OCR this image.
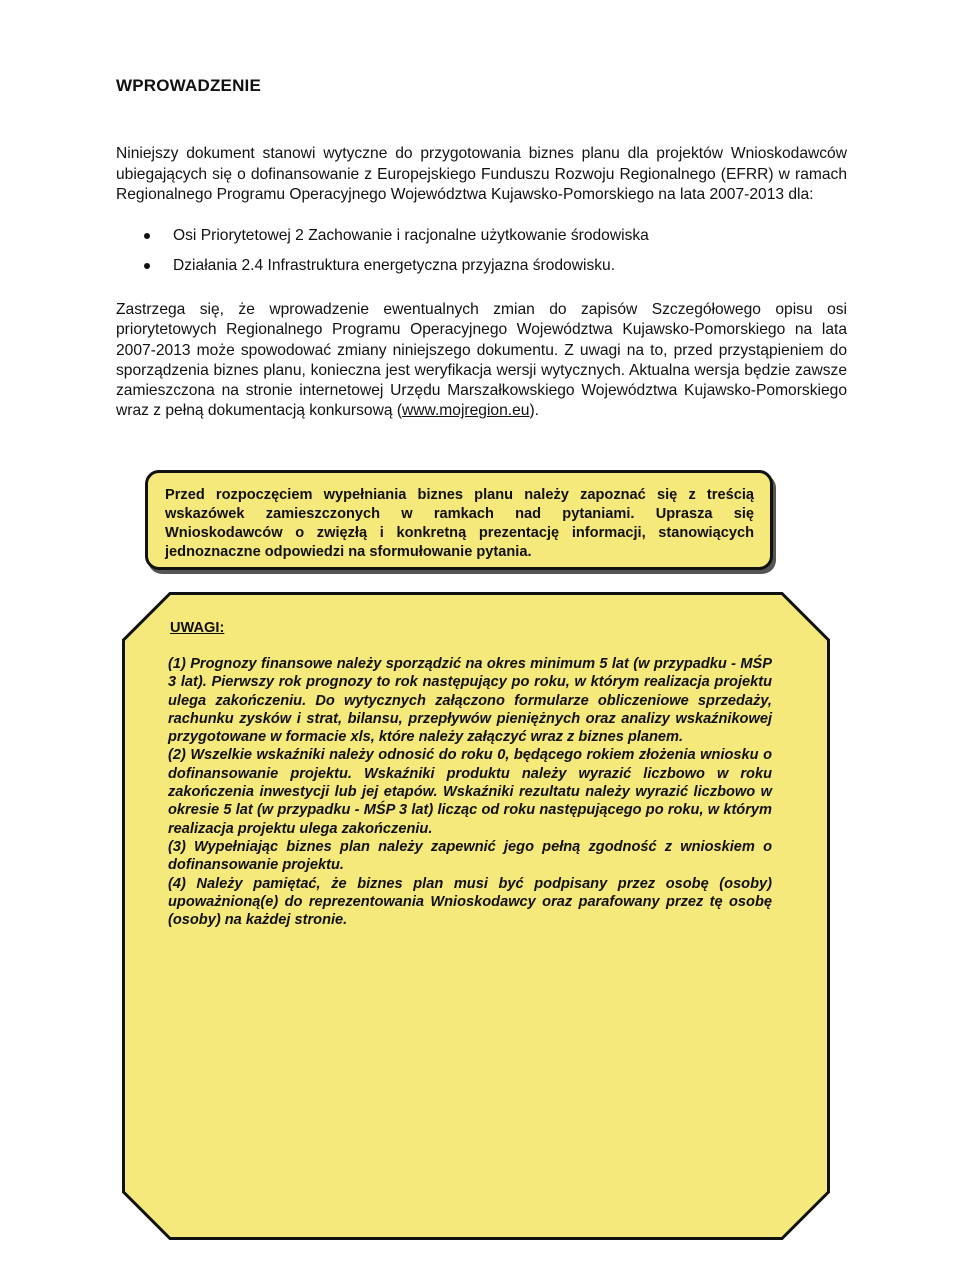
WPROWADZENIE
Niniejszy dokument stanowi wytyczne do przygotowania biznes planu dla projektów Wnioskodawców ubiegających się o dofinansowanie z Europejskiego Funduszu Rozwoju Regionalnego (EFRR) w ramach Regionalnego Programu Operacyjnego Województwa Kujawsko-Pomorskiego na lata 2007-2013 dla:
Osi Priorytetowej 2 Zachowanie i racjonalne użytkowanie środowiska
Działania 2.4 Infrastruktura energetyczna przyjazna środowisku.
Zastrzega się, że wprowadzenie ewentualnych zmian do zapisów Szczegółowego opisu osi priorytetowych Regionalnego Programu Operacyjnego Województwa Kujawsko-Pomorskiego na lata 2007-2013 może spowodować zmiany niniejszego dokumentu. Z uwagi na to, przed przystąpieniem do sporządzenia biznes planu, konieczna jest weryfikacja wersji wytycznych. Aktualna wersja będzie zawsze zamieszczona na stronie internetowej Urzędu Marszałkowskiego Województwa Kujawsko-Pomorskiego wraz z pełną dokumentacją konkursową (www.mojregion.eu).

Przed rozpoczęciem wypełniania biznes planu należy zapoznać się z treścią wskazówek zamieszczonych w ramkach nad pytaniami. Uprasza się Wnioskodawców o zwięzłą i konkretną prezentację informacji, stanowiących jednoznaczne odpowiedzi na sformułowanie pytania.

UWAGI:

(1) Prognozy finansowe należy sporządzić na okres minimum 5 lat (w przypadku - MŚP 3 lat). Pierwszy rok prognozy to rok następujący po roku, w którym realizacja projektu ulega zakończeniu. Do wytycznych załączono formularze obliczeniowe sprzedaży, rachunku zysków i strat, bilansu, przepływów pieniężnych oraz analizy wskaźnikowej przygotowane w formacie xls, które należy załączyć wraz z biznes planem.

(2) Wszelkie wskaźniki należy odnosić do roku 0, będącego rokiem złożenia wniosku o dofinansowanie projektu. Wskaźniki produktu należy wyrazić liczbowo w roku zakończenia inwestycji lub jej etapów. Wskaźniki rezultatu należy wyrazić liczbowo w okresie 5 lat (w przypadku - MŚP 3 lat) licząc od roku następującego po roku, w którym realizacja projektu ulega zakończeniu.

(3) Wypełniając biznes plan należy zapewnić jego pełną zgodność z wnioskiem o dofinansowanie projektu.

(4) Należy pamiętać, że biznes plan musi być podpisany przez osobę (osoby) upoważnioną(e) do reprezentowania Wnioskodawcy oraz parafowany przez tę osobę (osoby) na każdej stronie.
